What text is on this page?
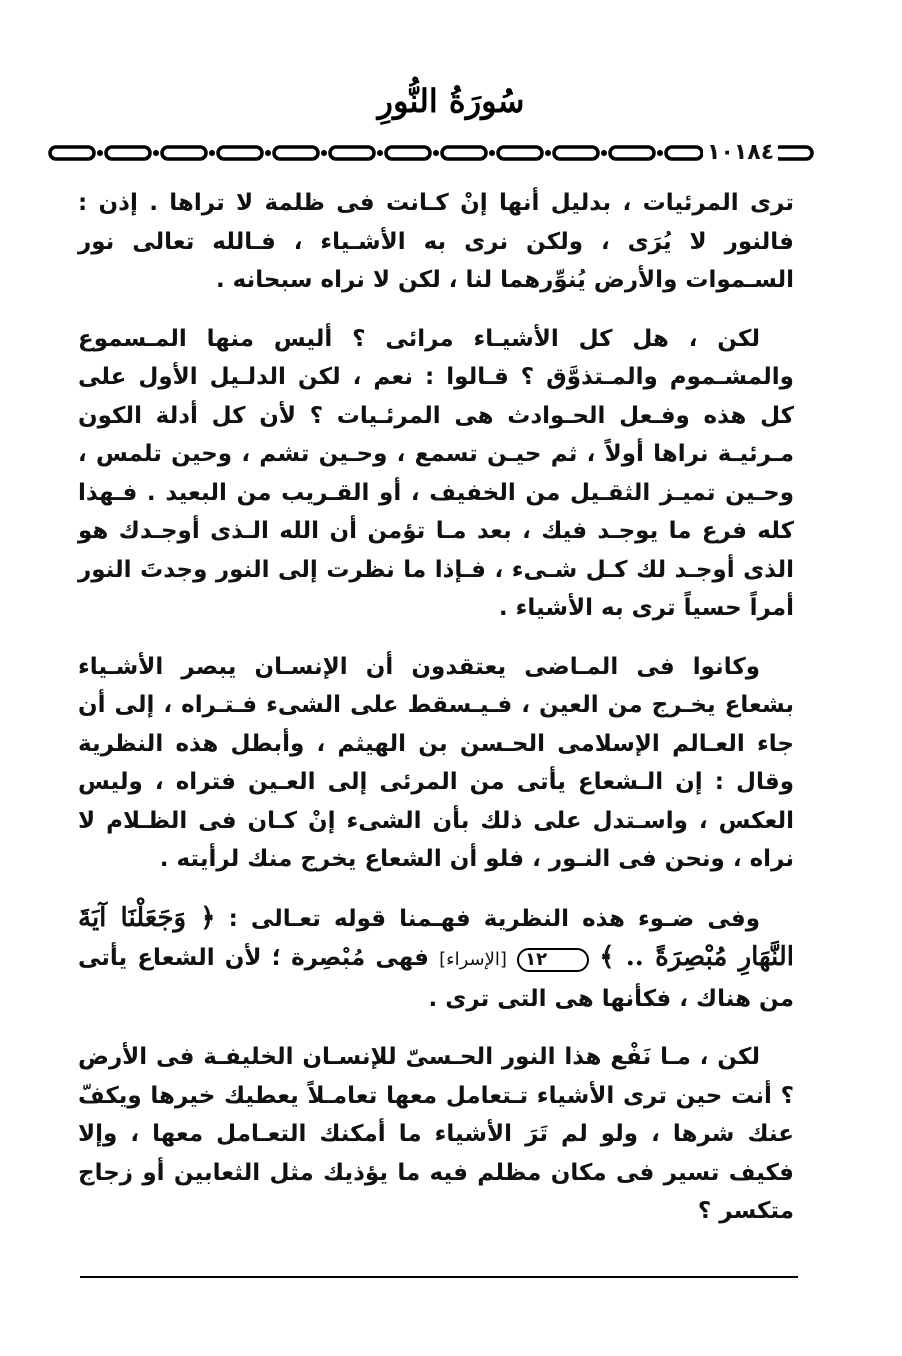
سُورَةُ النُّورِ
١٠١٨٤

ترى المرئيات ، بدليل أنها إنْ كـانت فى ظلمة لا تراها . إذن : فالنور لا يُرَى ، ولكن نرى به الأشـياء ، فـالله تعالى نور السـموات والأرض يُنوِّرهما لنا ، لكن لا نراه سبحانه .

لكن ، هل كل الأشيـاء مرائى ؟ أليس منها المـسموع والمشـموم والمـتذوَّق ؟ قـالوا : نعم ، لكن الدلـيل الأول على كل هذه وفـعل الحـوادث هى المرئـيات ؟ لأن كل أدلة الكون مـرئيـة نراها أولاً ، ثم حيـن تسمع ، وحـين تشم ، وحين تلمس ، وحـين تميـز الثقـيل من الخفيف ، أو القـريب من البعيد . فـهذا كله فرع ما يوجـد فيك ، بعد مـا تؤمن أن الله الـذى أوجـدك هو الذى أوجـد لك كـل شـىء ، فـإذا ما نظرت إلى النور وجدتَ النور أمراً حسياً ترى به الأشياء .

وكانوا فى المـاضى يعتقدون أن الإنسـان يبصر الأشـياء بشعاع يخـرج من العين ، فـيـسقط على الشىء فـتـراه ، إلى أن جاء العـالم الإسلامى الحـسن بن الهيثم ، وأبطل هذه النظرية وقال : إن الـشعاع يأتى من المرئى إلى العـين فتراه ، وليس العكس ، واسـتدل على ذلك بأن الشىء إنْ كـان فى الظـلام لا نراه ، ونحن فى النـور ، فلو أن الشعاع يخرج منك لرأيته .

وفى ضـوء هذه النظرية فهـمنا قوله تعـالى : ﴿ وَجَعَلْنَا آيَةَ النَّهَارِ مُبْصِرَةً .. ﴾ ١٢ [الإسراء] فهى مُبْصِرة ؛ لأن الشعاع يأتى من هناك ، فكأنها هى التى ترى .

لكن ، مـا نَفْع هذا النور الحـسىّ للإنسـان الخليفـة فى الأرض ؟ أنت حين ترى الأشياء تـتعامل معها تعامـلاً يعطيك خيرها ويكفّ عنك شرها ، ولو لم تَرَ الأشياء ما أمكنك التعـامل معها ، وإلا فكيف تسير فى مكان مظلم فيه ما يؤذيك مثل الثعابين أو زجاج متكسر ؟
